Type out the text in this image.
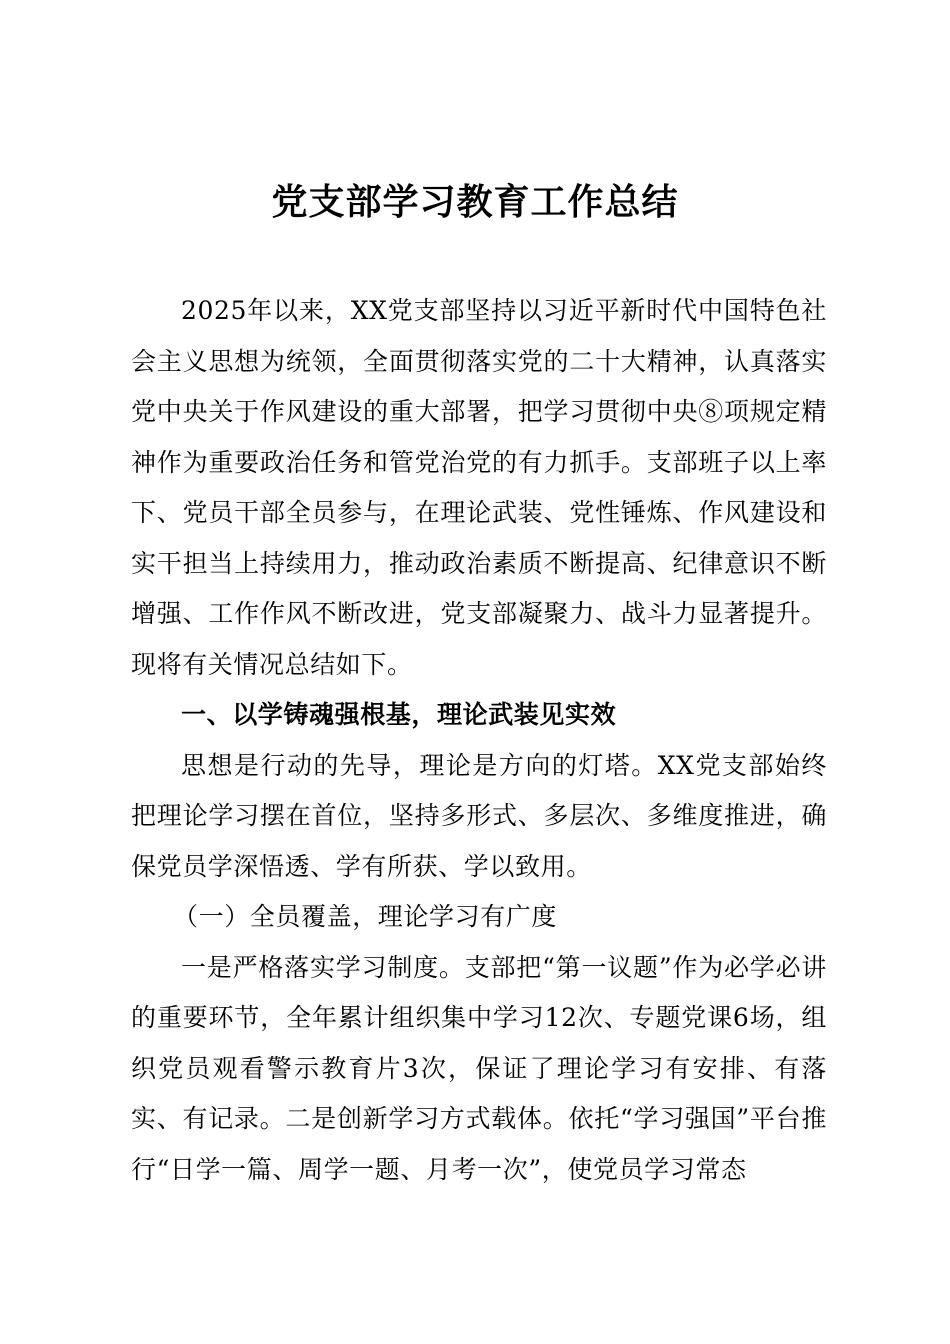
党支部学习教育工作总结

2025年以来，XX党支部坚持以习近平新时代中国特色社会主义思想为统领，全面贯彻落实党的二十大精神，认真落实党中央关于作风建设的重大部署，把学习贯彻中央⑧项规定精神作为重要政治任务和管党治党的有力抓手。支部班子以上率下、党员干部全员参与，在理论武装、党性锤炼、作风建设和实干担当上持续用力，推动政治素质不断提高、纪律意识不断增强、工作作风不断改进，党支部凝聚力、战斗力显著提升。现将有关情况总结如下。

一、以学铸魂强根基，理论武装见实效

思想是行动的先导，理论是方向的灯塔。XX党支部始终把理论学习摆在首位，坚持多形式、多层次、多维度推进，确保党员学深悟透、学有所获、学以致用。

（一）全员覆盖，理论学习有广度

一是严格落实学习制度。支部把“第一议题”作为必学必讲的重要环节，全年累计组织集中学习12次、专题党课6场，组织党员观看警示教育片3次，保证了理论学习有安排、有落实、有记录。二是创新学习方式载体。依托“学习强国”平台推行“日学一篇、周学一题、月考一次”，使党员学习常态
